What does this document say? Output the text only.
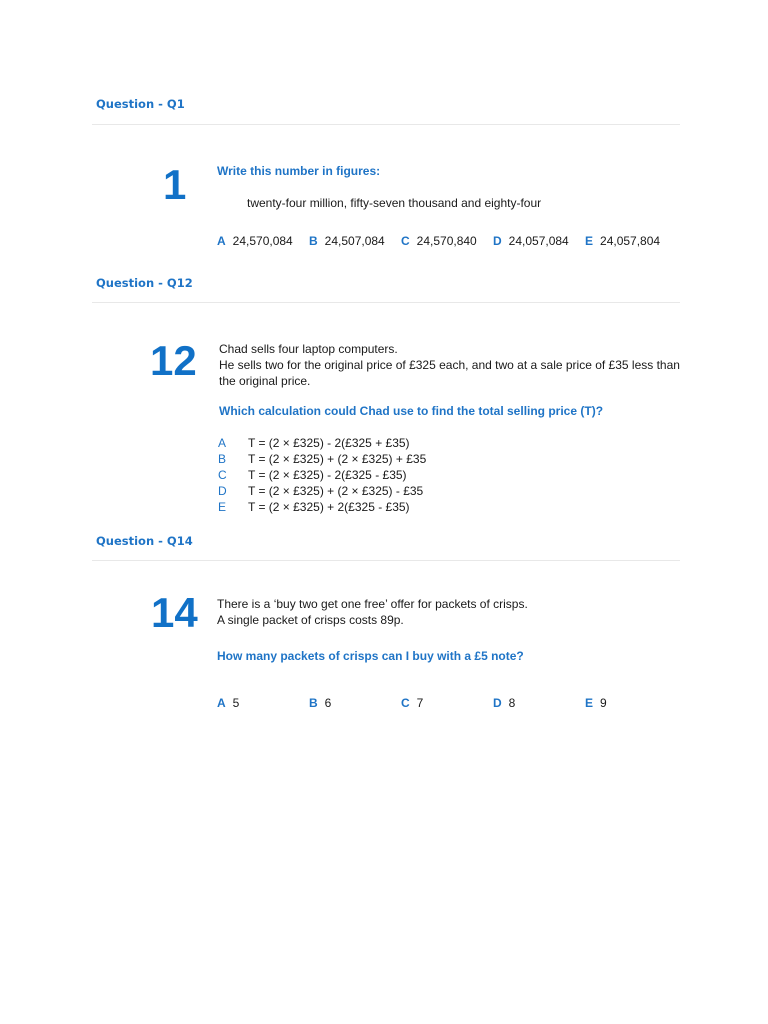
Question - Q1
1	Write this number in figures:
twenty-four million, fifty-seven thousand and eighty-four
A 24,570,084 B 24,507,084 C 24,570,840 D 24,057,084 E 24,057,804
Question - Q12
12 Chad sells four laptop computers.
He sells two for the original price of £325 each, and two at a sale price of £35 less than
the original price.
Which calculation could Chad use to find the total selling price (T)?
A T = (2 × £325) - 2(£325 + £35)
B T = (2 × £325) + (2 × £325) + £35
C T = (2 × £325) - 2(£325 - £35)
D T = (2 × £325) + (2 × £325) - £35
E T = (2 × £325) + 2(£325 - £35)
Question - Q14
14 There is a ‘buy two get one free’ offer for packets of crisps.
A single packet of crisps costs 89p.
How many packets of crisps can I buy with a £5 note?
A 5	B 6	C 7	D 8	E 9
